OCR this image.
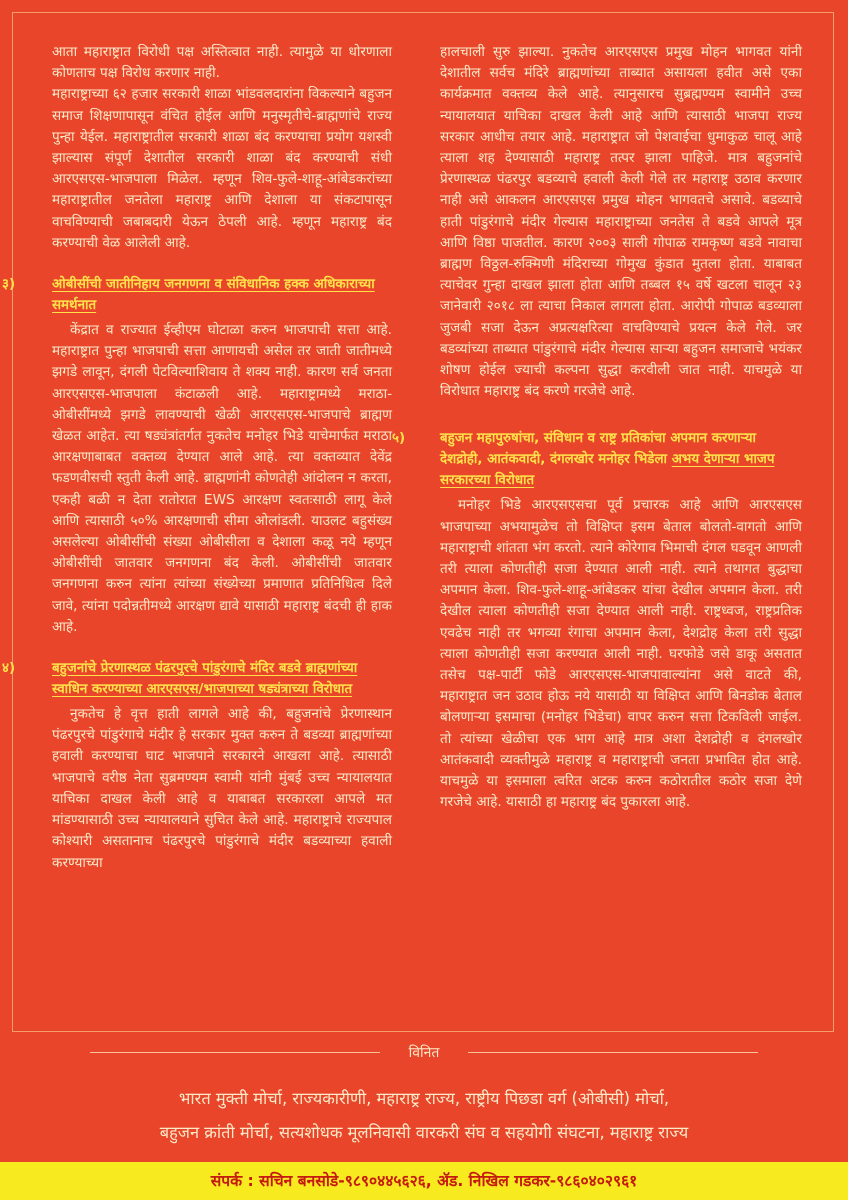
आता महाराष्ट्रात विरोधी पक्ष अस्तित्वात नाही. त्यामुळे या धोरणाला कोणताच पक्ष विरोध करणार नाही.

महाराष्ट्राच्या ६२ हजार सरकारी शाळा भांडवलदारांना विकल्याने बहुजन समाज शिक्षणापासून वंचित होईल आणि मनुस्मृतीचे-ब्राह्मणांचे राज्य पुन्हा येईल. महाराष्ट्रातील सरकारी शाळा बंद करण्याचा प्रयोग यशस्वी झाल्यास संपूर्ण देशातील सरकारी शाळा बंद करण्याची संधी आरएसएस-भाजपाला मिळेल. म्हणून शिव-फुले-शाहू-आंबेडकरांच्या महाराष्ट्रातील जनतेला महाराष्ट्र आणि देशाला या संकटापासून वाचविण्याची जबाबदारी येऊन ठेपली आहे. म्हणून महाराष्ट्र बंद करण्याची वेळ आलेली आहे.

३)	ओबीसींची जातीनिहाय जनगणना व संविधानिक हक्क अधिकाराच्या समर्थनात

केंद्रात व राज्यात ईव्हीएम घोटाळा करुन भाजपाची सत्ता आहे. महाराष्ट्रात पुन्हा भाजपाची सत्ता आणायची असेल तर जाती जातीमध्ये झगडे लावून, दंगली पेटविल्याशिवाय ते शक्य नाही. कारण सर्व जनता आरएसएस-भाजपाला कंटाळली आहे. महाराष्ट्रामध्ये मराठा-ओबीसींमध्ये झगडे लावण्याची खेळी आरएसएस-भाजपाचे ब्राह्मण खेळत आहेत. त्या षड्यंत्रांतर्गत नुकतेच मनोहर भिडे याचेमार्फत मराठा आरक्षणाबाबत वक्तव्य देण्यात आले आहे. त्या वक्तव्यात देवेंद्र फडणवीसची स्तुती केली आहे. ब्राह्मणांनी कोणतेही आंदोलन न करता, एकही बळी न देता रातोरात EWS आरक्षण स्वतःसाठी लागू केले आणि त्यासाठी ५०% आरक्षणाची सीमा ओलांडली. याउलट बहुसंख्य असलेल्या ओबीसींची संख्या ओबीसीला व देशाला कळू नये म्हणून ओबीसींची जातवार जनगणना बंद केली. ओबीसींची जातवार जनगणना करुन त्यांना त्यांच्या संख्येच्या प्रमाणात प्रतिनिधित्व दिले जावे, त्यांना पदोन्नतीमध्ये आरक्षण द्यावे यासाठी महाराष्ट्र बंदची ही हाक आहे.

४)	बहुजनांचे प्रेरणास्थळ पंढरपुरचे पांडुरंगाचे मंदिर बडवे ब्राह्मणांच्या स्वाधिन करण्याच्या आरएसएस/भाजपाच्या षड्यंत्राच्या विरोधात

नुकतेच हे वृत्त हाती लागले आहे की, बहुजनांचे प्रेरणास्थान पंढरपुरचे पांडुरंगाचे मंदीर हे सरकार मुक्त करुन ते बडव्या ब्राह्मणांच्या हवाली करण्याचा घाट भाजपाने सरकारने आखला आहे. त्यासाठी भाजपाचे वरीष्ठ नेता सुब्रमण्यम स्वामी यांनी मुंबई उच्च न्यायालयात याचिका दाखल केली आहे व याबाबत सरकारला आपले मत मांडण्यासाठी उच्च न्यायालयाने सुचित केले आहे. महाराष्ट्राचे राज्यपाल कोश्यारी असतानाच पंढरपुरचे पांडुरंगाचे मंदीर बडव्याच्या हवाली करण्याच्या

हालचाली सुरु झाल्या. नुकतेच आरएसएस प्रमुख मोहन भागवत यांनी देशातील सर्वच मंदिरे ब्राह्मणांच्या ताब्यात असायला हवीत असे एका कार्यक्रमात वक्तव्य केले आहे. त्यानुसारच सुब्रह्मण्यम स्वामीने उच्च न्यायालयात याचिका दाखल केली आहे आणि त्यासाठी भाजपा राज्य सरकार आधीच तयार आहे. महाराष्ट्रात जो पेशवाईचा धुमाकुळ चालू आहे त्याला शह देण्यासाठी महाराष्ट्र तत्पर झाला पाहिजे. मात्र बहुजनांचे प्रेरणास्थळ पंढरपुर बडव्याचे हवाली केली गेले तर महाराष्ट्र उठाव करणार नाही असे आकलन आरएसएस प्रमुख मोहन भागवतचे असावे. बडव्याचे हाती पांडुरंगाचे मंदीर गेल्यास महाराष्ट्राच्या जनतेस ते बडवे आपले मूत्र आणि विष्ठा पाजतील. कारण २००३ साली गोपाळ रामकृष्ण बडवे नावाचा ब्राह्मण विठ्ठल-रुक्मिणी मंदिराच्या गोमुख कुंडात मुतला होता. याबाबत त्याचेवर गुन्हा दाखल झाला होता आणि तब्बल १५ वर्षे खटला चालून २३ जानेवारी २०१८ ला त्याचा निकाल लागला होता. आरोपी गोपाळ बडव्याला जुजबी सजा देऊन अप्रत्यक्षरित्या वाचविण्याचे प्रयत्न केले गेले. जर बडव्यांच्या ताब्यात पांडुरंगाचे मंदीर गेल्यास साऱ्या बहुजन समाजाचे भयंकर शोषण होईल ज्याची कल्पना सुद्धा करवीली जात नाही. याचमुळे या विरोधात महाराष्ट्र बंद करणे गरजेचे आहे.

५)	बहुजन महापुरुषांचा, संविधान व राष्ट्र प्रतिकांचा अपमान करणाऱ्या देशद्रोही, आतंकवादी, दंगलखोर मनोहर भिडेला अभय देणाऱ्या भाजप सरकारच्या विरोधात

मनोहर भिडे आरएसएसचा पूर्व प्रचारक आहे आणि आरएसएस भाजपाच्या अभयामुळेच तो विक्षिप्त इसम बेताल बोलतो-वागतो आणि महाराष्ट्राची शांतता भंग करतो. त्याने कोरेगाव भिमाची दंगल घडवून आणली तरी त्याला कोणतीही सजा देण्यात आली नाही. त्याने तथागत बुद्धाचा अपमान केला. शिव-फुले-शाहू-आंबेडकर यांचा देखील अपमान केला. तरी देखील त्याला कोणतीही सजा देण्यात आली नाही. राष्ट्रध्वज, राष्ट्रप्रतिक एवढेच नाही तर भगव्या रंगाचा अपमान केला, देशद्रोह केला तरी सुद्धा त्याला कोणतीही सजा करण्यात आली नाही. घरफोडे जसे डाकू असतात तसेच पक्ष-पार्टी फोडे आरएसएस-भाजपावाल्यांना असे वाटते की, महाराष्ट्रात जन उठाव होऊ नये यासाठी या विक्षिप्त आणि बिनडोक बेताल बोलणाऱ्या इसमाचा (मनोहर भिडेचा) वापर करुन सत्ता टिकविली जाईल. तो त्यांच्या खेळीचा एक भाग आहे मात्र अशा देशद्रोही व दंगलखोर आतंकवादी व्यक्तीमुळे महाराष्ट्र व महाराष्ट्राची जनता प्रभावित होत आहे. याचमुळे या इसमाला त्वरित अटक करुन कठोरातील कठोर सजा देणे गरजेचे आहे. यासाठी हा महाराष्ट्र बंद पुकारला आहे.

विनित
भारत मुक्ती मोर्चा, राज्यकारीणी, महाराष्ट्र राज्य, राष्ट्रीय पिछडा वर्ग (ओबीसी) मोर्चा,
बहुजन क्रांती मोर्चा, सत्यशोधक मूलनिवासी वारकरी संघ व सहयोगी संघटना, महाराष्ट्र राज्य
संपर्क : सचिन बनसोडे-९८९०४४५६२६, ॲड. निखिल गडकर-९८६०४०२९६१
